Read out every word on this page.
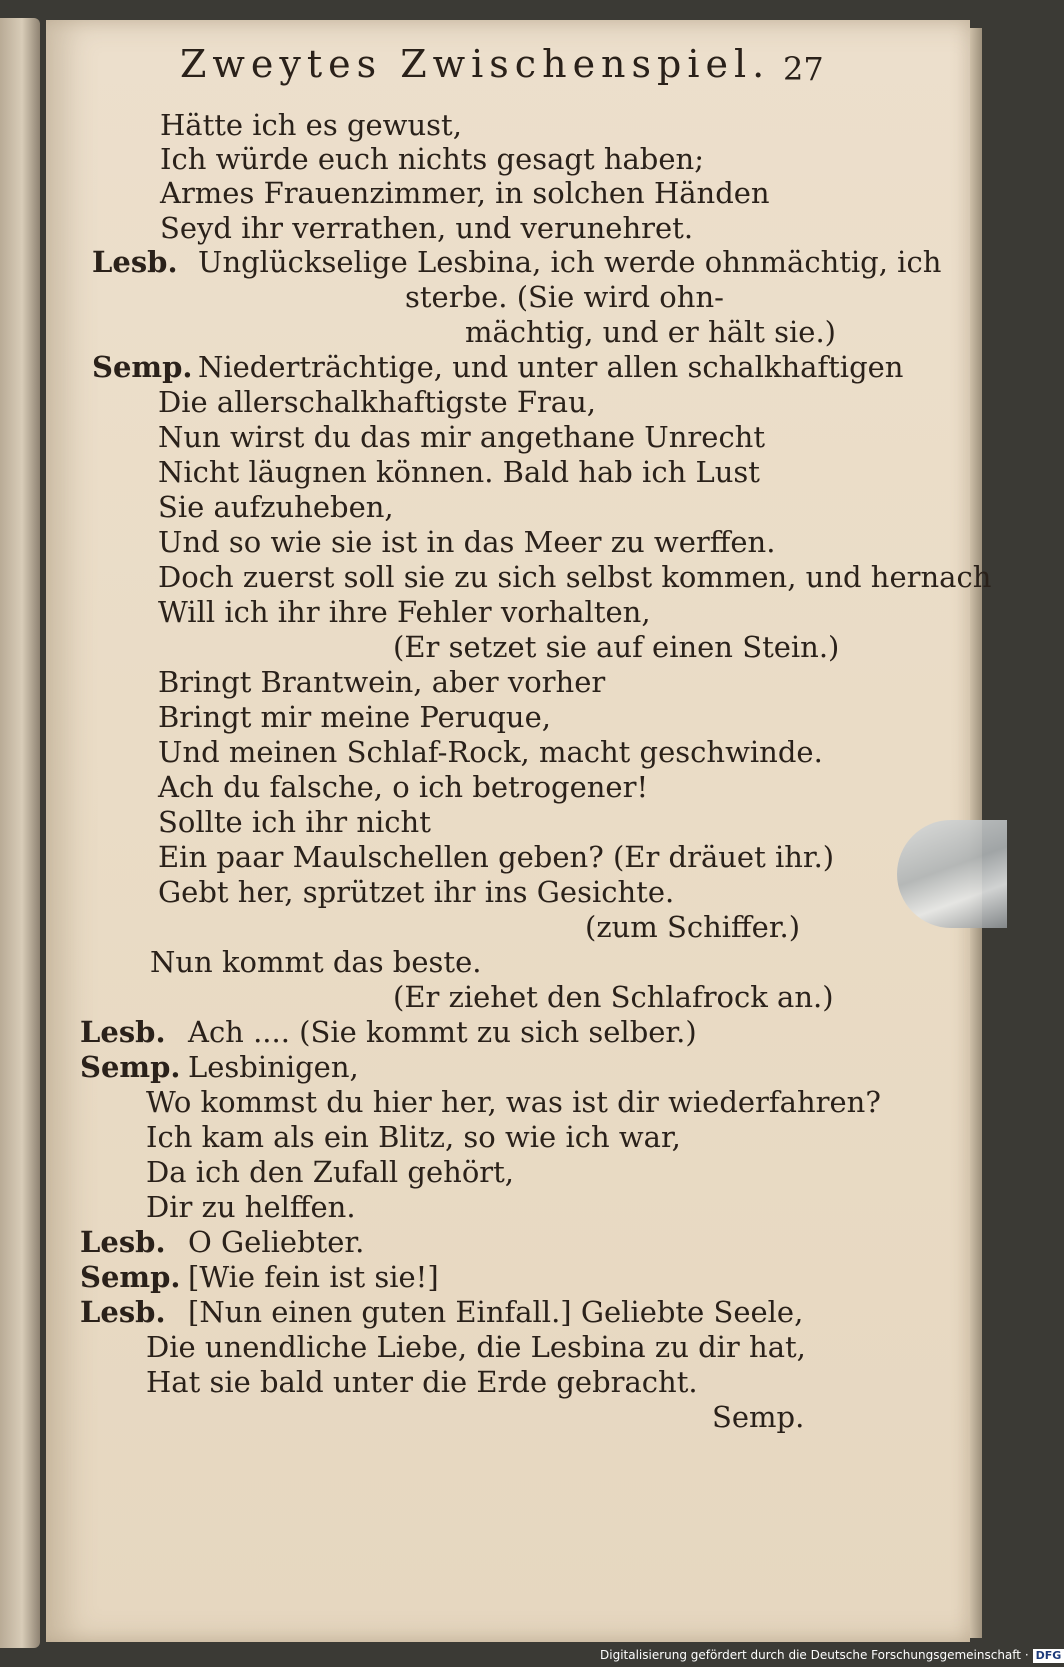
Zweytes Zwischenspiel. 27
Hätte ich es gewust,
Ich würde euch nichts gesagt haben;
Armes Frauenzimmer, in solchen Händen
Seyd ihr verrathen, und verunehret.
Lesb. Unglückselige Lesbina, ich werde ohnmächtig, ich
sterbe. (Sie wird ohn-
mächtig, und er hält sie.)
Semp. Niederträchtige, und unter allen schalkhaftigen
Die allerschalkhaftigste Frau,
Nun wirst du das mir angethane Unrecht
Nicht läugnen können. Bald hab ich Lust
Sie aufzuheben,
Und so wie sie ist in das Meer zu werffen.
Doch zuerst soll sie zu sich selbst kommen, und hernach
Will ich ihr ihre Fehler vorhalten,
(Er setzet sie auf einen Stein.)
Bringt Brantwein, aber vorher
Bringt mir meine Peruque,
Und meinen Schlaf-Rock, macht geschwinde.
Ach du falsche, o ich betrogener!
Sollte ich ihr nicht
Ein paar Maulschellen geben? (Er dräuet ihr.)
Gebt her, sprützet ihr ins Gesichte.
(zum Schiffer.)
Nun kommt das beste.
(Er ziehet den Schlafrock an.)
Lesb. Ach .... (Sie kommt zu sich selber.)
Semp. Lesbinigen,
Wo kommst du hier her, was ist dir wiederfahren?
Ich kam als ein Blitz, so wie ich war,
Da ich den Zufall gehört,
Dir zu helffen.
Lesb. O Geliebter.
Semp. [Wie fein ist sie!]
Lesb. [Nun einen guten Einfall.] Geliebte Seele,
Die unendliche Liebe, die Lesbina zu dir hat,
Hat sie bald unter die Erde gebracht.
Semp.
Digitalisierung gefördert durch die Deutsche Forschungsgemeinschaft · DFG
